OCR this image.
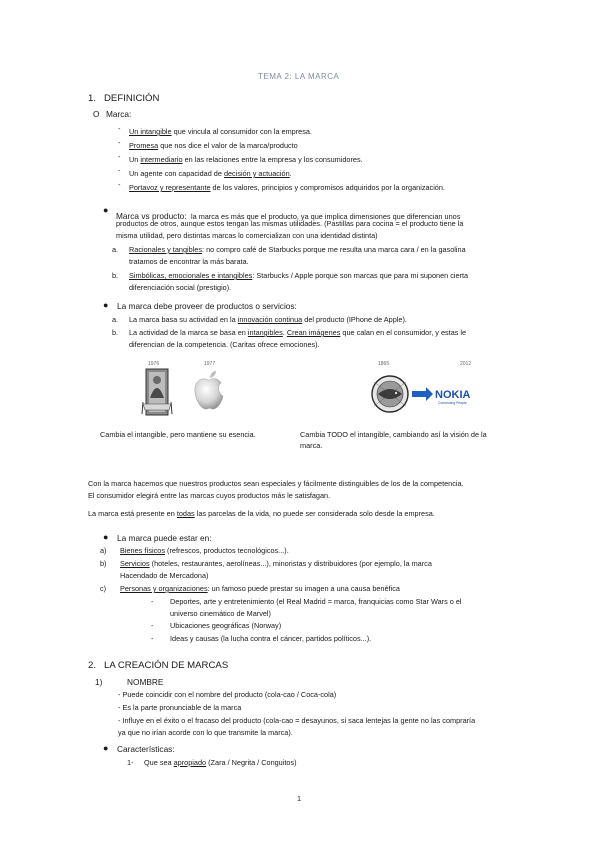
TEMA 2: LA MARCA
1. DEFINICIÓN
O Marca:
- Un intangible que vincula al consumidor con la empresa.
- Promesa que nos dice el valor de la marca/producto
- Un intermediario en las relaciones entre la empresa y los consumidores.
- Un agente con capacidad de decisión y actuación.
- Portavoz y representante de los valores, principios y compromisos adquiridos por la organización.
●
Marca vs producto: la marca es más que el producto, ya que implica dimensiones que diferencian unos
productos de otros, aunque estos tengan las mismas utilidades. (Pastillas para cocina = el producto tiene la
misma utilidad, pero distintas marcas lo comercializan con una identidad distinta)
a. Racionales y tangibles: no compro café de Starbucks porque me resulta una marca cara / en la gasolina
tratamos de encontrar la más barata.
b. Simbólicas, emocionales e intangibles: Starbucks / Apple porque son marcas que para mi suponen cierta
diferenciación social (prestigio).
● La marca debe proveer de productos o servicios:
a. La marca basa su actividad en la innovación continua del producto (IPhone de Apple).
b. La actividad de la marca se basa en intangibles. Crean imágenes que calan en el consumidor, y estas le
diferencian de la competencia. (Caritas ofrece emociones).
1976	1977	1865	2012
NOKIA
Connecting People
Cambia el intangible, pero mantiene su esencia.	Cambia TODO el intangible, cambiando así la visión de la
marca.
Con la marca hacemos que nuestros productos sean especiales y fácilmente distinguibles de los de la competencia.
El consumidor elegirá entre las marcas cuyos productos más le satisfagan.
La marca está presente en todas las parcelas de la vida, no puede ser considerada solo desde la empresa.
● La marca puede estar en:
a) Bienes físicos (refrescos, productos tecnológicos...).
b) Servicios (hoteles, restaurantes, aerolíneas...), minoristas y distribuidores (por ejemplo, la marca
Hacendado de Mercadona)
c) Personas y organizaciones: un famoso puede prestar su imagen a una causa benéfica
- Deportes, arte y entretenimiento (el Real Madrid = marca, franquicias como Star Wars o el
universo cinemático de Marvel)
- Ubicaciones geográficas (Norway)
- Ideas y causas (la lucha contra el cáncer, partidos políticos...).
2. LA CREACIÓN DE MARCAS
1)	NOMBRE
- Puede coincidir con el nombre del producto (cola-cao / Coca-cola)
- Es la parte pronunciable de la marca
- Influye en el éxito o el fracaso del producto (cola-cao = desayunos, si saca lentejas la gente no las compraría
ya que no irían acorde con lo que transmite la marca).
● Características:
1- Que sea apropiado (Zara / Negrita / Conguitos)
1
